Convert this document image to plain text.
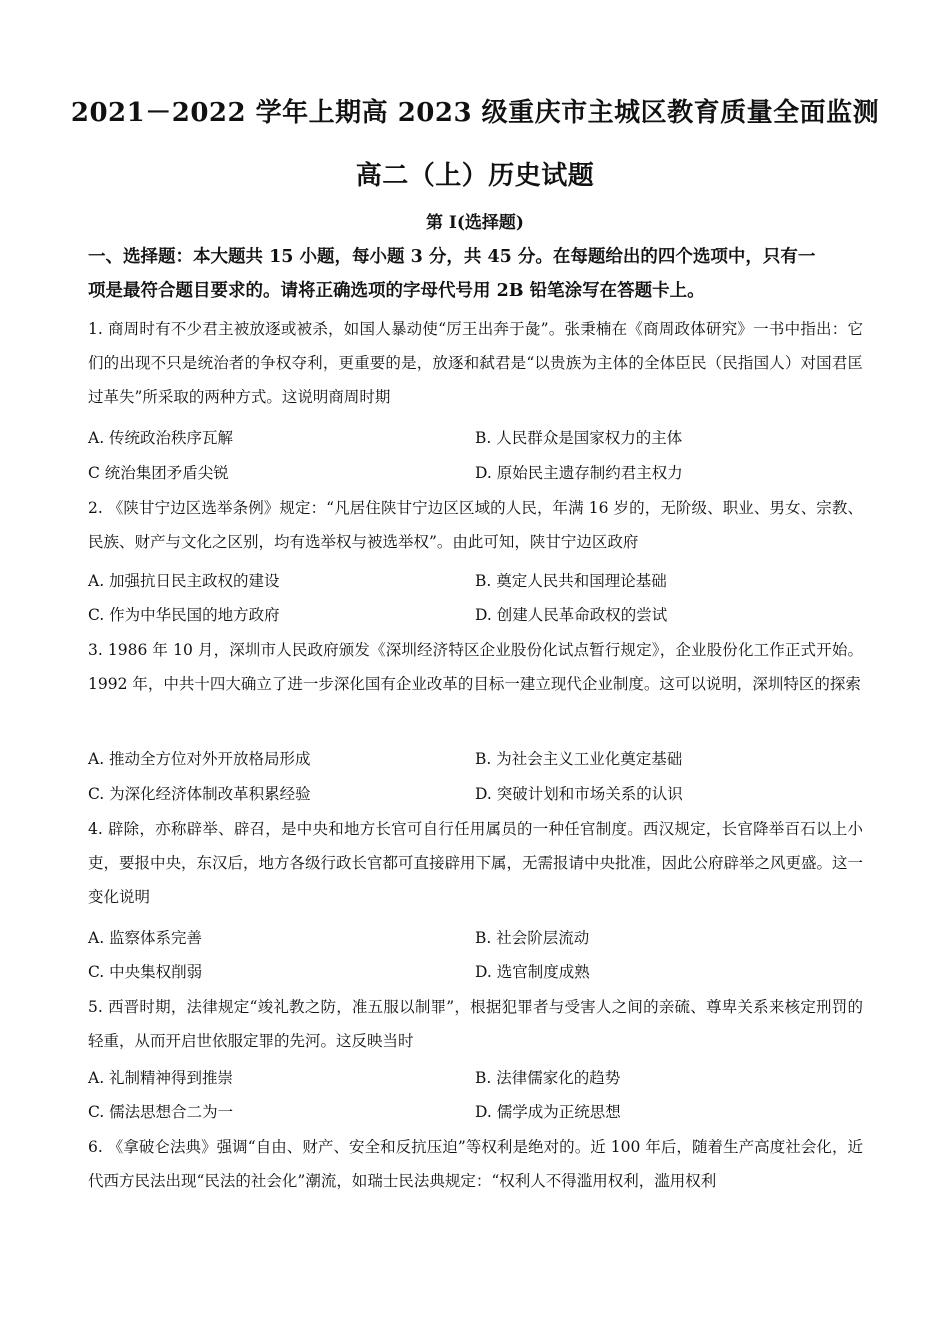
2021－2022 学年上期高 2023 级重庆市主城区教育质量全面监测
高二（上）历史试题
第 I(选择题)
一、选择题：本大题共 15 小题，每小题 3 分，共 45 分。在每题给出的四个选项中，只有一
项是最符合题目要求的。请将正确选项的字母代号用 2B 铅笔涂写在答题卡上。
1. 商周时有不少君主被放逐或被杀，如国人暴动使“厉王出奔于彘”。张秉楠在《商周政体研究》一书中指出：它们的出现不只是统治者的争权夺利，更重要的是，放逐和弑君是“以贵族为主体的全体臣民（民指国人）对国君匡过革失”所采取的两种方式。这说明商周时期
A. 传统政治秩序瓦解	B. 人民群众是国家权力的主体
C 统治集团矛盾尖锐	D. 原始民主遗存制约君主权力
2. 《陕甘宁边区选举条例》规定：“凡居住陕甘宁边区区域的人民，年满 16 岁的，无阶级、职业、男女、宗教、民族、财产与文化之区别，均有选举权与被选举权”。由此可知，陕甘宁边区政府
A. 加强抗日民主政权的建设	B. 奠定人民共和国理论基础
C. 作为中华民国的地方政府	D. 创建人民革命政权的尝试
3. 1986 年 10 月，深圳市人民政府颁发《深圳经济特区企业股份化试点暂行规定》，企业股份化工作正式开始。1992 年，中共十四大确立了进一步深化国有企业改革的目标一建立现代企业制度。这可以说明，深圳特区的探索
A. 推动全方位对外开放格局形成	B. 为社会主义工业化奠定基础
C. 为深化经济体制改革积累经验	D. 突破计划和市场关系的认识
4. 辟除，亦称辟举、辟召，是中央和地方长官可自行任用属员的一种任官制度。西汉规定，长官降举百石以上小吏，要报中央，东汉后，地方各级行政长官都可直接辟用下属，无需报请中央批准，因此公府辟举之风更盛。这一变化说明
A. 监察体系完善	B. 社会阶层流动
C. 中央集权削弱	D. 选官制度成熟
5. 西晋时期，法律规定“竣礼教之防，准五服以制罪”，根据犯罪者与受害人之间的亲硫、尊卑关系来核定刑罚的轻重，从而开启世依服定罪的先河。这反映当时
A. 礼制精神得到推崇	B. 法律儒家化的趋势
C. 儒法思想合二为一	D. 儒学成为正统思想
6. 《拿破仑法典》强调“自由、财产、安全和反抗压迫”等权利是绝对的。近 100 年后，随着生产高度社会化，近代西方民法出现“民法的社会化”潮流，如瑞士民法典规定：“权利人不得滥用权利，滥用权利
